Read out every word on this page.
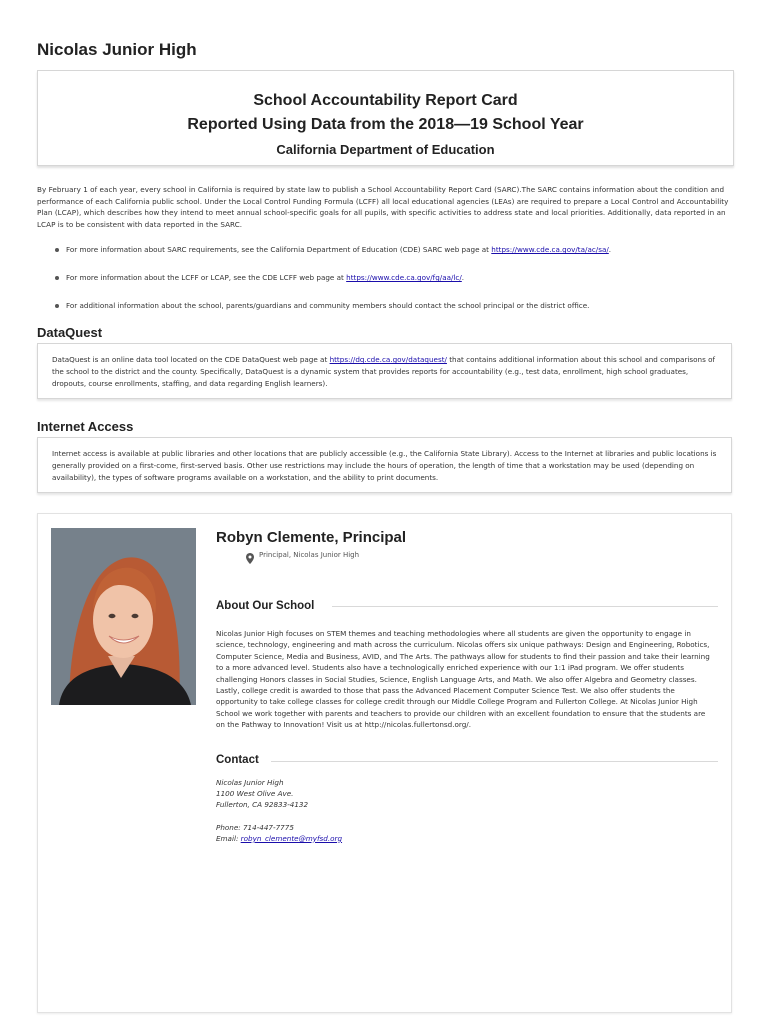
Nicolas Junior High
School Accountability Report Card
Reported Using Data from the 2018—19 School Year
California Department of Education

By February 1 of each year, every school in California is required by state law to publish a School Accountability Report Card (SARC).The SARC contains information about the condition and performance of each California public school. Under the Local Control Funding Formula (LCFF) all local educational agencies (LEAs) are required to prepare a Local Control and Accountability Plan (LCAP), which describes how they intend to meet annual school-specific goals for all pupils, with specific activities to address state and local priorities. Additionally, data reported in an LCAP is to be consistent with data reported in the SARC.

For more information about SARC requirements, see the California Department of Education (CDE) SARC web page at https://www.cde.ca.gov/ta/ac/sa/.
For more information about the LCFF or LCAP, see the CDE LCFF web page at https://www.cde.ca.gov/fg/aa/lc/.
For additional information about the school, parents/guardians and community members should contact the school principal or the district office.
DataQuest

DataQuest is an online data tool located on the CDE DataQuest web page at https://dq.cde.ca.gov/dataquest/ that contains additional information about this school and comparisons of the school to the district and the county. Specifically, DataQuest is a dynamic system that provides reports for accountability (e.g., test data, enrollment, high school graduates, dropouts, course enrollments, staffing, and data regarding English learners).

Internet Access

Internet access is available at public libraries and other locations that are publicly accessible (e.g., the California State Library). Access to the Internet at libraries and public locations is generally provided on a first-come, first-served basis. Other use restrictions may include the hours of operation, the length of time that a workstation may be used (depending on availability), the types of software programs available on a workstation, and the ability to print documents.

Robyn Clemente, Principal
Principal, Nicolas Junior High
About Our School

Nicolas Junior High focuses on STEM themes and teaching methodologies where all students are given the opportunity to engage in science, technology, engineering and math across the curriculum. Nicolas offers six unique pathways: Design and Engineering, Robotics, Computer Science, Media and Business, AVID, and The Arts. The pathways allow for students to find their passion and take their learning to a more advanced level. Students also have a technologically enriched experience with our 1:1 iPad program. We offer students challenging Honors classes in Social Studies, Science, English Language Arts, and Math. We also offer Algebra and Geometry classes. Lastly, college credit is awarded to those that pass the Advanced Placement Computer Science Test. We also offer students the opportunity to take college classes for college credit through our Middle College Program and Fullerton College. At Nicolas Junior High School we work together with parents and teachers to provide our children with an excellent foundation to ensure that the students are on the Pathway to Innovation! Visit us at http://nicolas.fullertonsd.org/.

Contact
Nicolas Junior High
1100 West Olive Ave.
Fullerton, CA 92833-4132
Phone: 714-447-7775
Email: robyn_clemente@myfsd.org
